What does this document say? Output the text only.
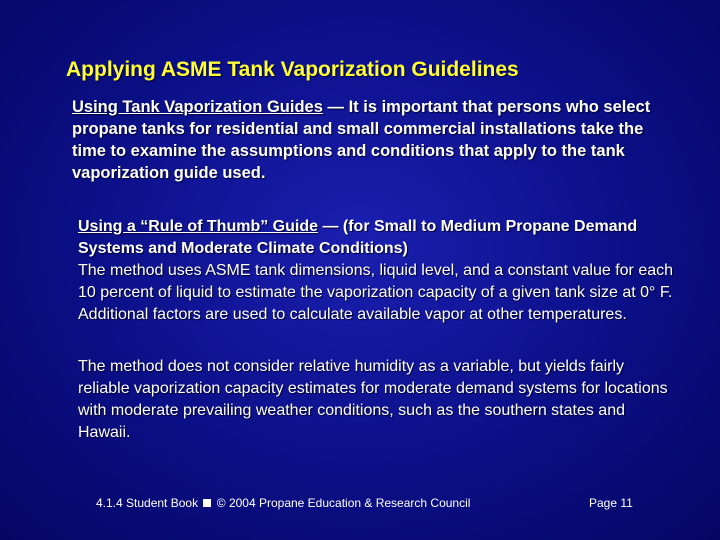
Applying ASME Tank Vaporization Guidelines

Using Tank Vaporization Guides — It is important that persons who select propane tanks for residential and small commercial installations take the time to examine the assumptions and conditions that apply to the tank vaporization guide used.

Using a “Rule of Thumb” Guide — (for Small to Medium Propane Demand Systems and Moderate Climate Conditions)

The method uses ASME tank dimensions, liquid level, and a constant value for each 10 percent of liquid to estimate the vaporization capacity of a given tank size at 0° F. Additional factors are used to calculate available vapor at other temperatures.

The method does not consider relative humidity as a variable, but yields fairly reliable vaporization capacity estimates for moderate demand systems for locations with moderate prevailing weather conditions, such as the southern states and Hawaii.

4.1.4 Student Book © 2004 Propane Education & Research Council	Page 11
